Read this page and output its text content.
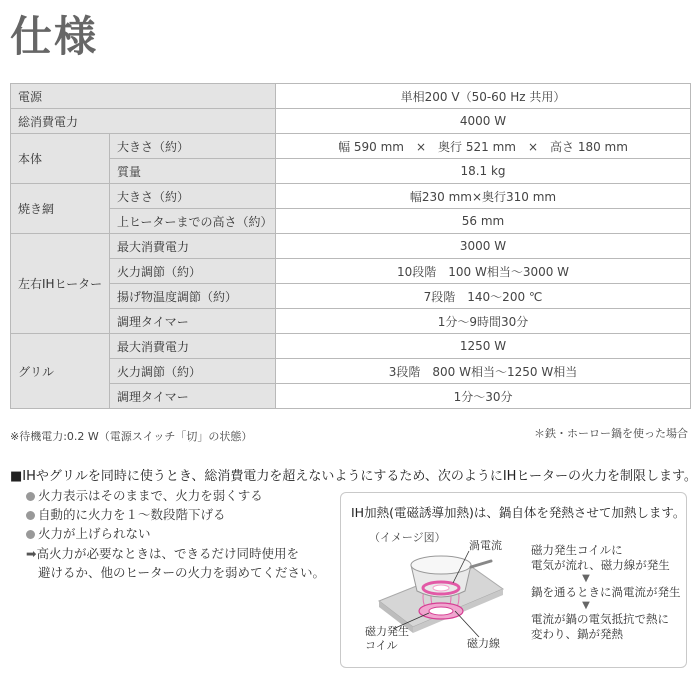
仕様
電源		単相200 V（50-60 Hz 共用）
総消費電力		4000 W
本体	大きさ（約）	幅 590 mm　×　奥行 521 mm　×　高さ 180 mm
	質量	18.1 kg
焼き網	大きさ（約）	幅230 mm×奥行310 mm
	上ヒーターまでの高さ（約）	56 mm
左右IHヒーター	最大消費電力	3000 W
	火力調節（約）	10段階　100 W相当～3000 W
	揚げ物温度調節（約）	7段階　140～200 ℃
	調理タイマー	1分～9時間30分
グリル	最大消費電力	1250 W
	火力調節（約）	3段階　800 W相当～1250 W相当
	調理タイマー	1分～30分
※待機電力:0.2 W（電源スイッチ「切」の状態）	＊鉄・ホーロー鍋を使った場合
■IHやグリルを同時に使うとき、総消費電力を超えないようにするため、次のようにIHヒーターの火力を制限します。
火力表示はそのままで、火力を弱くする
自動的に火力を１～数段階下げる
火力が上げられない
➡高火力が必要なときは、できるだけ同時使用を
避けるか、他のヒーターの火力を弱めてください。
IH加熱(電磁誘導加熱)は、鍋自体を発熱させて加熱します。
（イメージ図）
渦電流
磁力発生
コイル	磁力線
磁力発生コイルに
電気が流れ、磁力線が発生
▼
鍋を通るときに渦電流が発生
▼
電流が鍋の電気抵抗で熱に
変わり、鍋が発熱
